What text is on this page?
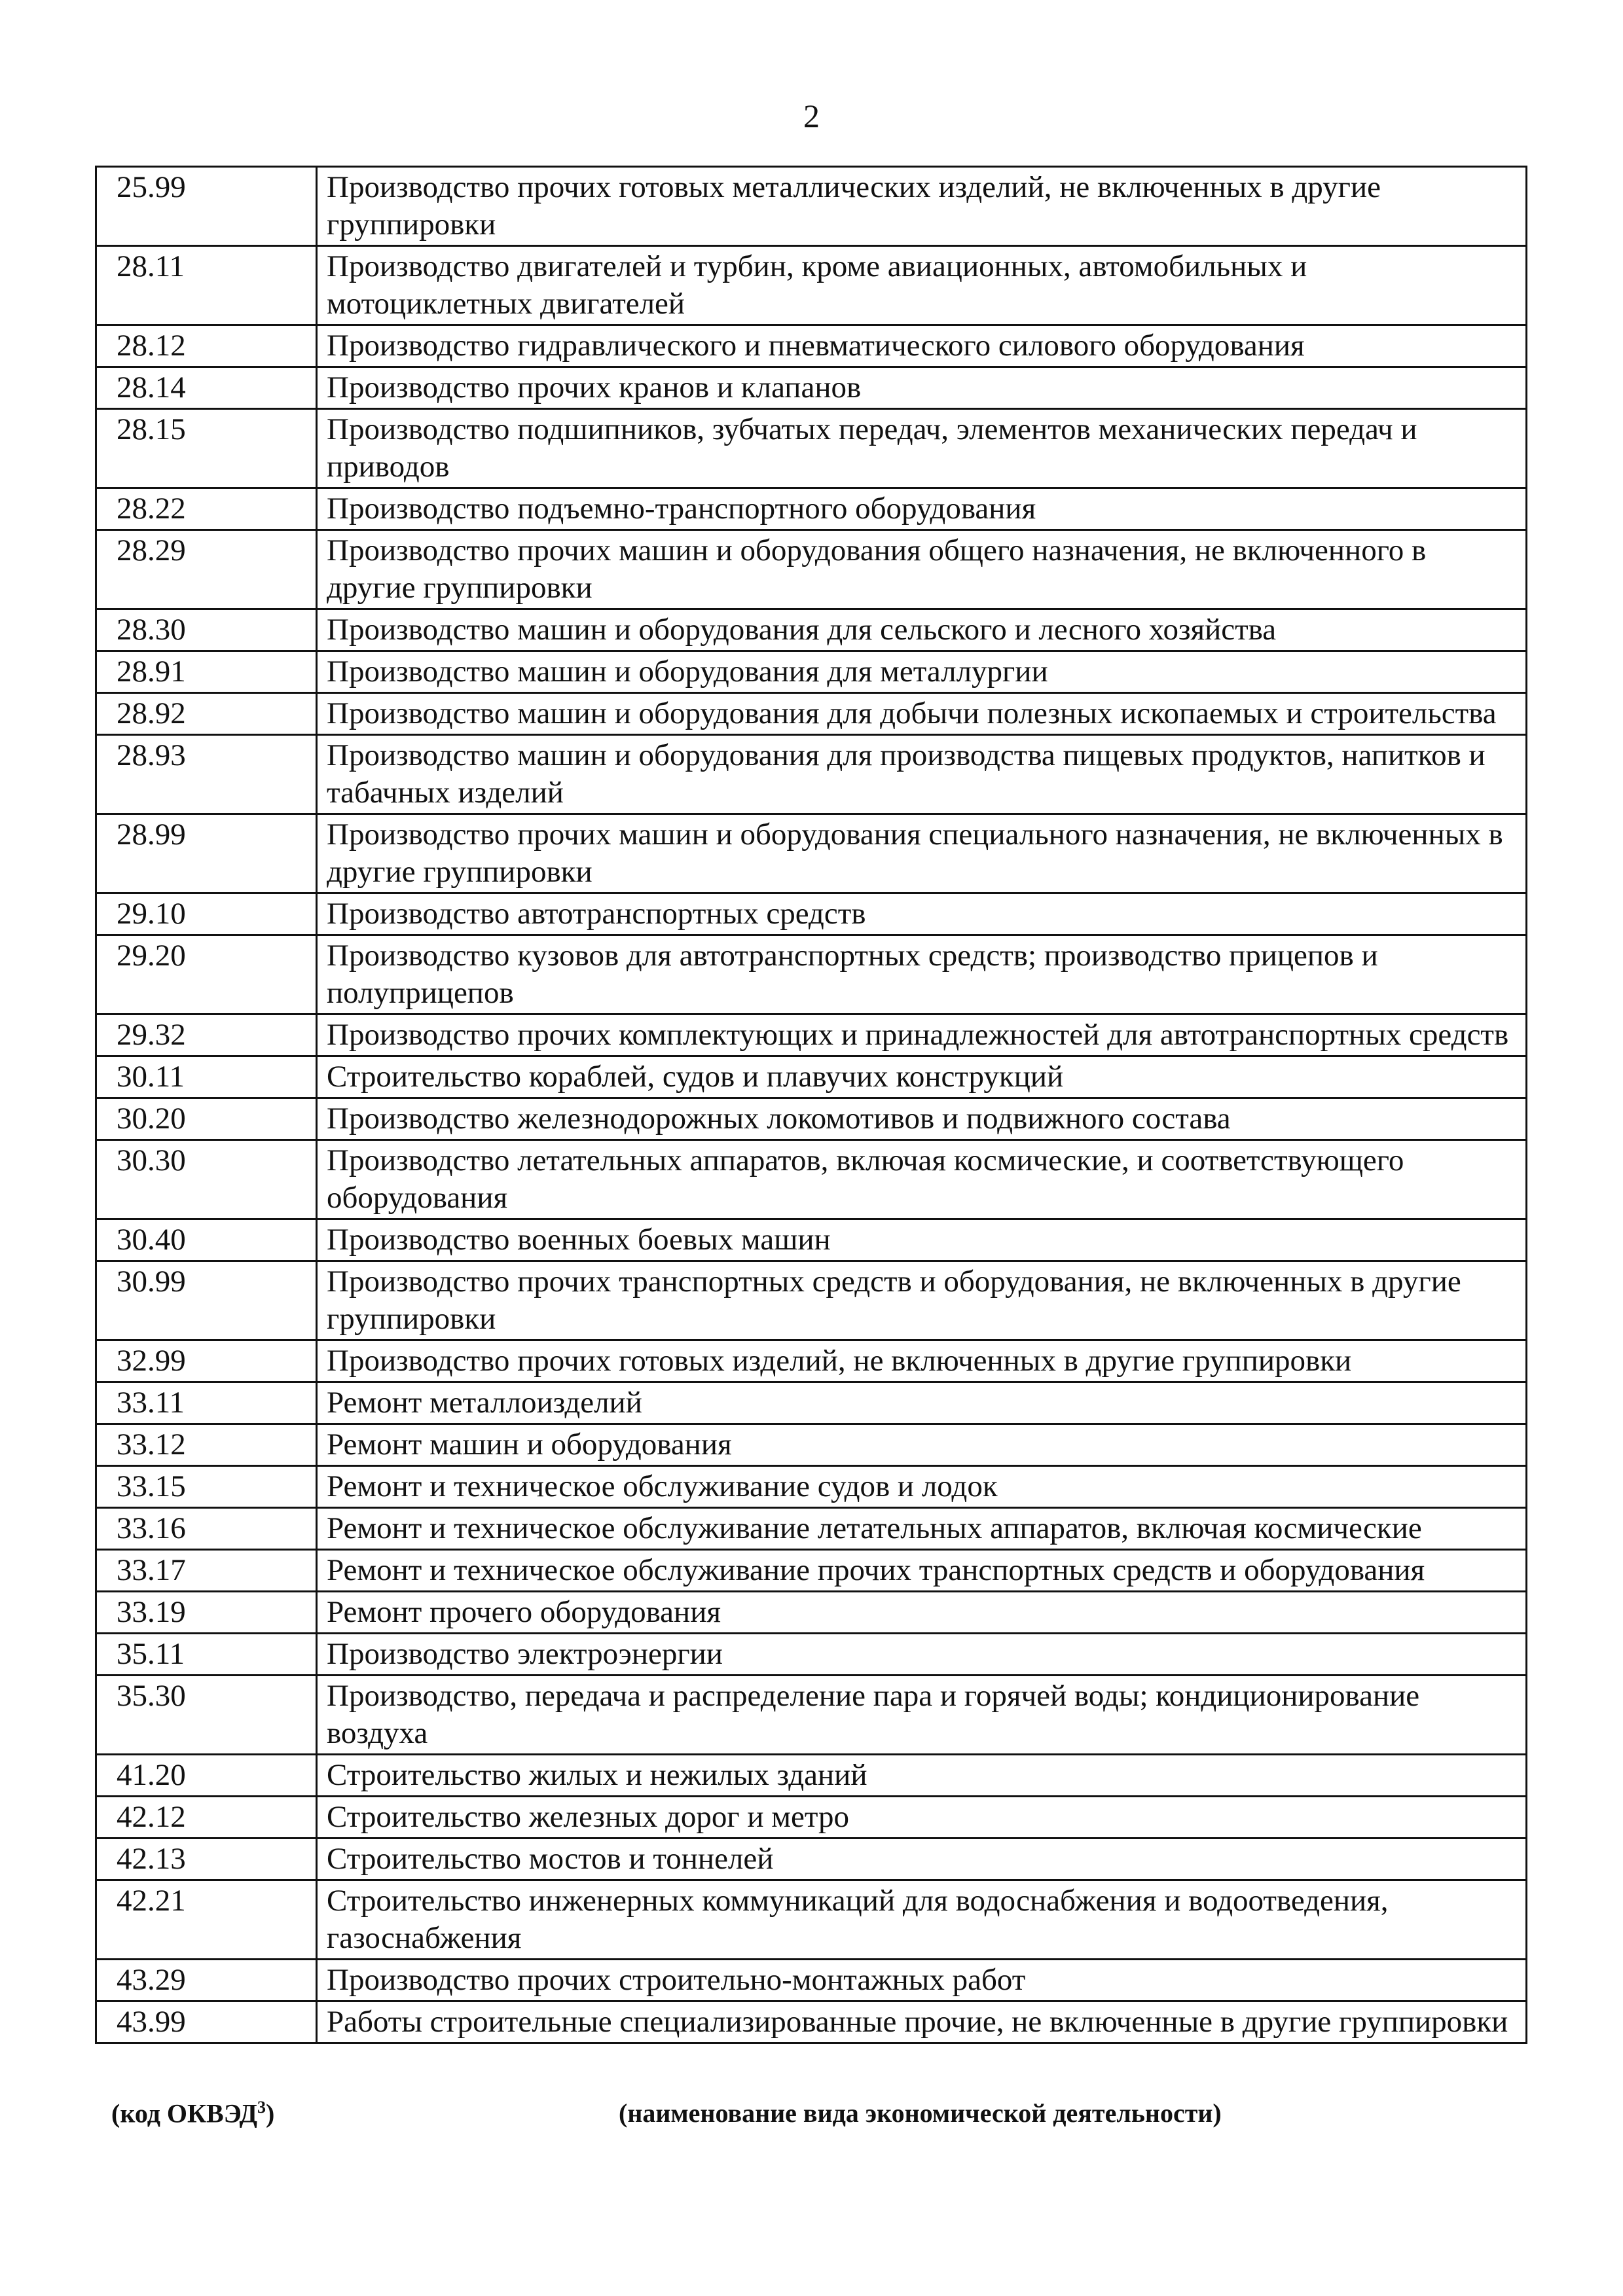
2
25.99	Производство прочих готовых металлических изделий, не включенных в другие группировки
28.11	Производство двигателей и турбин, кроме авиационных, автомобильных и мотоциклетных двигателей
28.12	Производство гидравлического и пневматического силового оборудования
28.14	Производство прочих кранов и клапанов
28.15	Производство подшипников, зубчатых передач, элементов механических передач и приводов
28.22	Производство подъемно-транспортного оборудования
28.29	Производство прочих машин и оборудования общего назначения, не включенного в другие группировки
28.30	Производство машин и оборудования для сельского и лесного хозяйства
28.91	Производство машин и оборудования для металлургии
28.92	Производство машин и оборудования для добычи полезных ископаемых и строительства
28.93	Производство машин и оборудования для производства пищевых продуктов, напитков и табачных изделий
28.99	Производство прочих машин и оборудования специального назначения, не включенных в другие группировки
29.10	Производство автотранспортных средств
29.20	Производство кузовов для автотранспортных средств; производство прицепов и полуприцепов
29.32	Производство прочих комплектующих и принадлежностей для автотранспортных средств
30.11	Строительство кораблей, судов и плавучих конструкций
30.20	Производство железнодорожных локомотивов и подвижного состава
30.30	Производство летательных аппаратов, включая космические, и соответствующего оборудования
30.40	Производство военных боевых машин
30.99	Производство прочих транспортных средств и оборудования, не включенных в другие группировки
32.99	Производство прочих готовых изделий, не включенных в другие группировки
33.11	Ремонт металлоизделий
33.12	Ремонт машин и оборудования
33.15	Ремонт и техническое обслуживание судов и лодок
33.16	Ремонт и техническое обслуживание летательных аппаратов, включая космические
33.17	Ремонт и техническое обслуживание прочих транспортных средств и оборудования
33.19	Ремонт прочего оборудования
35.11	Производство электроэнергии
35.30	Производство, передача и распределение пара и горячей воды; кондиционирование воздуха
41.20	Строительство жилых и нежилых зданий
42.12	Строительство железных дорог и метро
42.13	Строительство мостов и тоннелей
42.21	Строительство инженерных коммуникаций для водоснабжения и водоотведения, газоснабжения
43.29	Производство прочих строительно-монтажных работ
43.99	Работы строительные специализированные прочие, не включенные в другие группировки
(код ОКВЭД$^3$)	(наименование вида экономической деятельности)
